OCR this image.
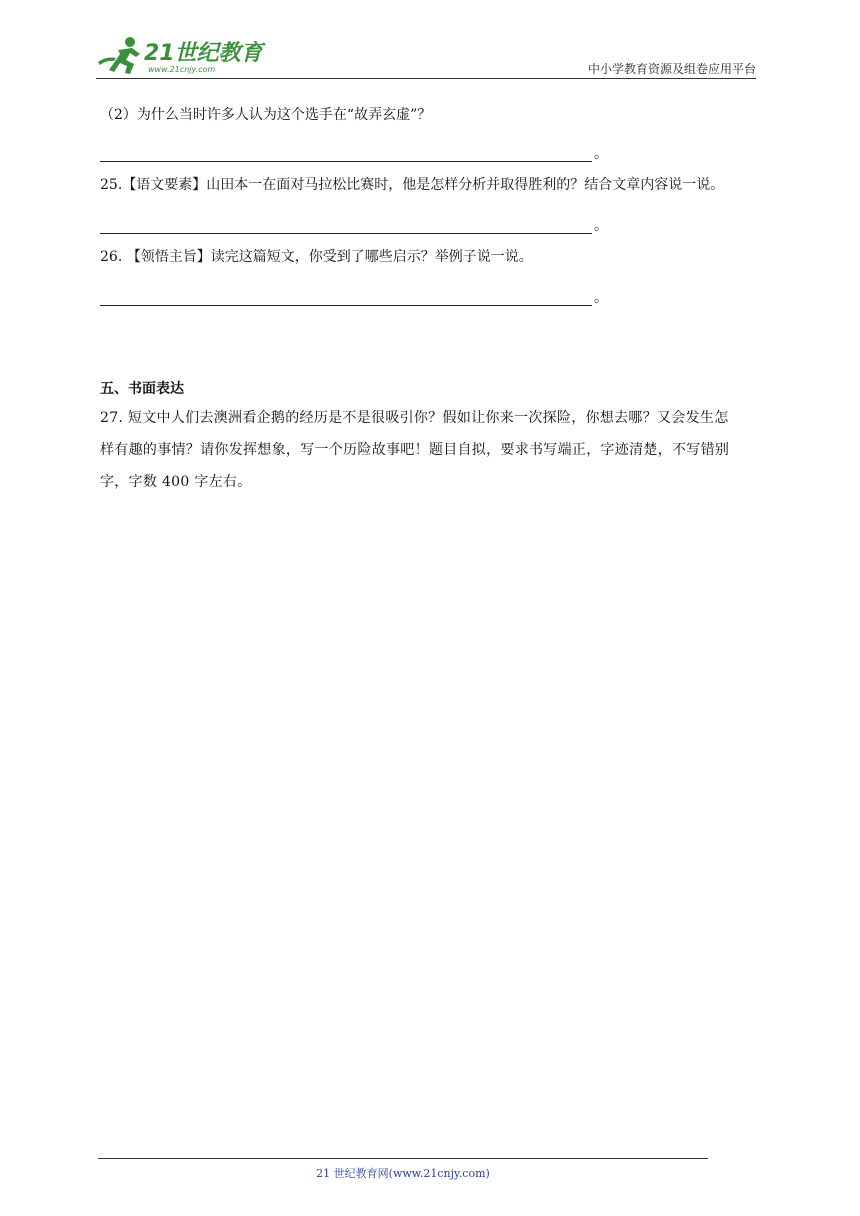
21世纪教育
www.21cnjy.com	中小学教育资源及组卷应用平台

（2）为什么当时许多人认为这个选手在“故弄玄虚”？

。

25.【语文要素】山田本一在面对马拉松比赛时，他是怎样分析并取得胜利的？结合文章内容说一说。

。

26. 【领悟主旨】读完这篇短文，你受到了哪些启示？举例子说一说。

。
五、书面表达

27. 短文中人们去澳洲看企鹅的经历是不是很吸引你？假如让你来一次探险，你想去哪？又会发生怎

样有趣的事情？请你发挥想象，写一个历险故事吧！题目自拟，要求书写端正，字迹清楚，不写错别

字，字数 400 字左右。

21 世纪教育网(www.21cnjy.com)
